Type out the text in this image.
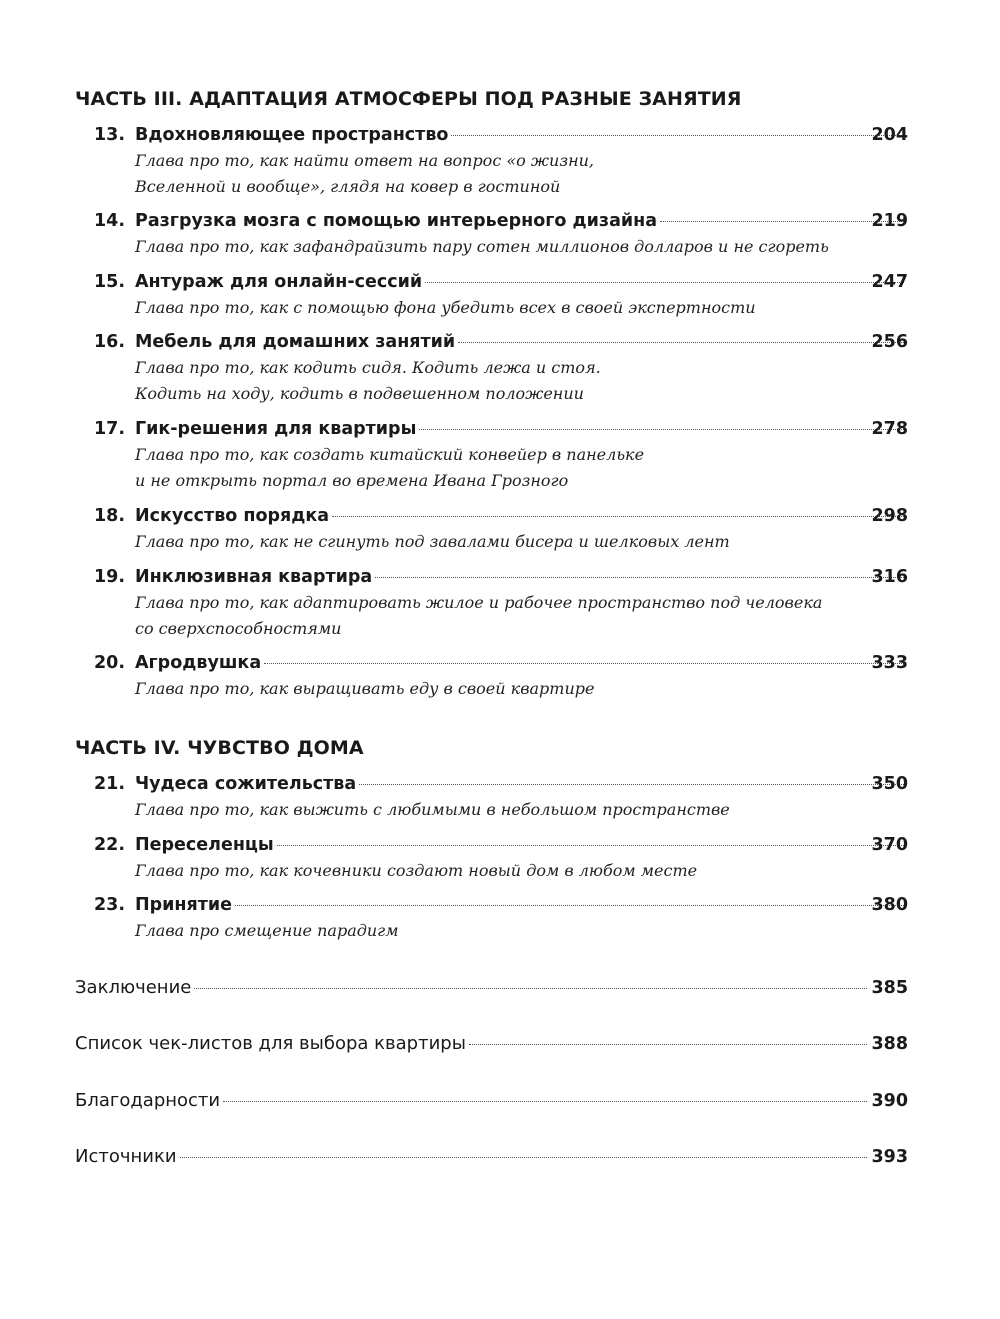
ЧАСТЬ III. АДАПТАЦИЯ АТМОСФЕРЫ ПОД РАЗНЫЕ ЗАНЯТИЯ
13. Вдохновляющее пространство	204
Глава про то, как найти ответ на вопрос «о жизни,
Вселенной и вообще», глядя на ковер в гостиной
14. Разгрузка мозга с помощью интерьерного дизайна	219
Глава про то, как зафандрайзить пару сотен миллионов долларов и не сгореть
15. Антураж для онлайн-сессий	247
Глава про то, как с помощью фона убедить всех в своей экспертности
16. Мебель для домашних занятий	256
Глава про то, как кодить сидя. Кодить лежа и стоя.
Кодить на ходу, кодить в подвешенном положении
17. Гик-решения для квартиры	278
Глава про то, как создать китайский конвейер в панельке
и не открыть портал во времена Ивана Грозного
18. Искусство порядка	298
Глава про то, как не сгинуть под завалами бисера и шелковых лент
19. Инклюзивная квартира	316
Глава про то, как адаптировать жилое и рабочее пространство под человека
со сверхспособностями
20. Агродвушка	333
Глава про то, как выращивать еду в своей квартире
ЧАСТЬ IV. ЧУВСТВО ДОМА
21. Чудеса сожительства	350
Глава про то, как выжить с любимыми в небольшом пространстве
22. Переселенцы	370
Глава про то, как кочевники создают новый дом в любом месте
23. Принятие	380
Глава про смещение парадигм
Заключение	385
Список чек-листов для выбора квартиры	388
Благодарности	390
Источники	393
